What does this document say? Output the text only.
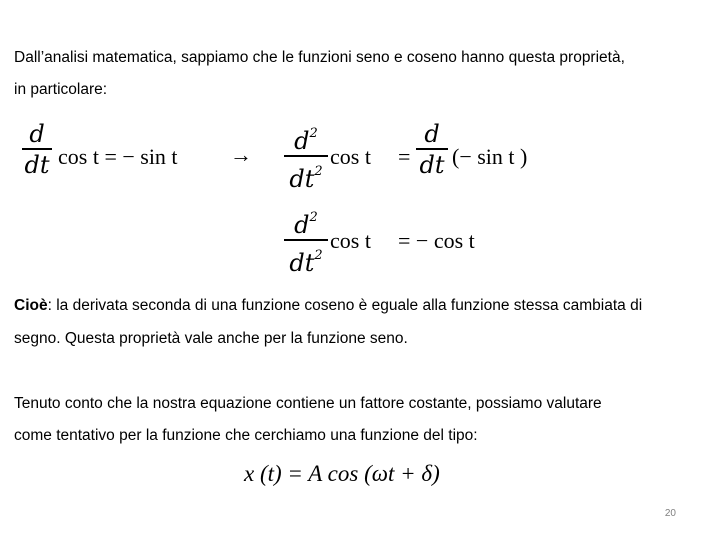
Dall’analisi matematica, sappiamo che le funzioni seno e coseno hanno questa proprietà,
in particolare:
d
dt cos t = − sin t →	$d^2$
$dt^2$
cos t =
d
dt (− sin t )
$d^2$
$dt^2$
cos t = − cos t
Cioè: la derivata seconda di una funzione coseno è eguale alla funzione stessa cambiata di
segno. Questa proprietà vale anche per la funzione seno.
Tenuto conto che la nostra equazione contiene un fattore costante, possiamo valutare
come tentativo per la funzione che cerchiamo una funzione del tipo:
x (t) = A cos (ωt + δ)
20
